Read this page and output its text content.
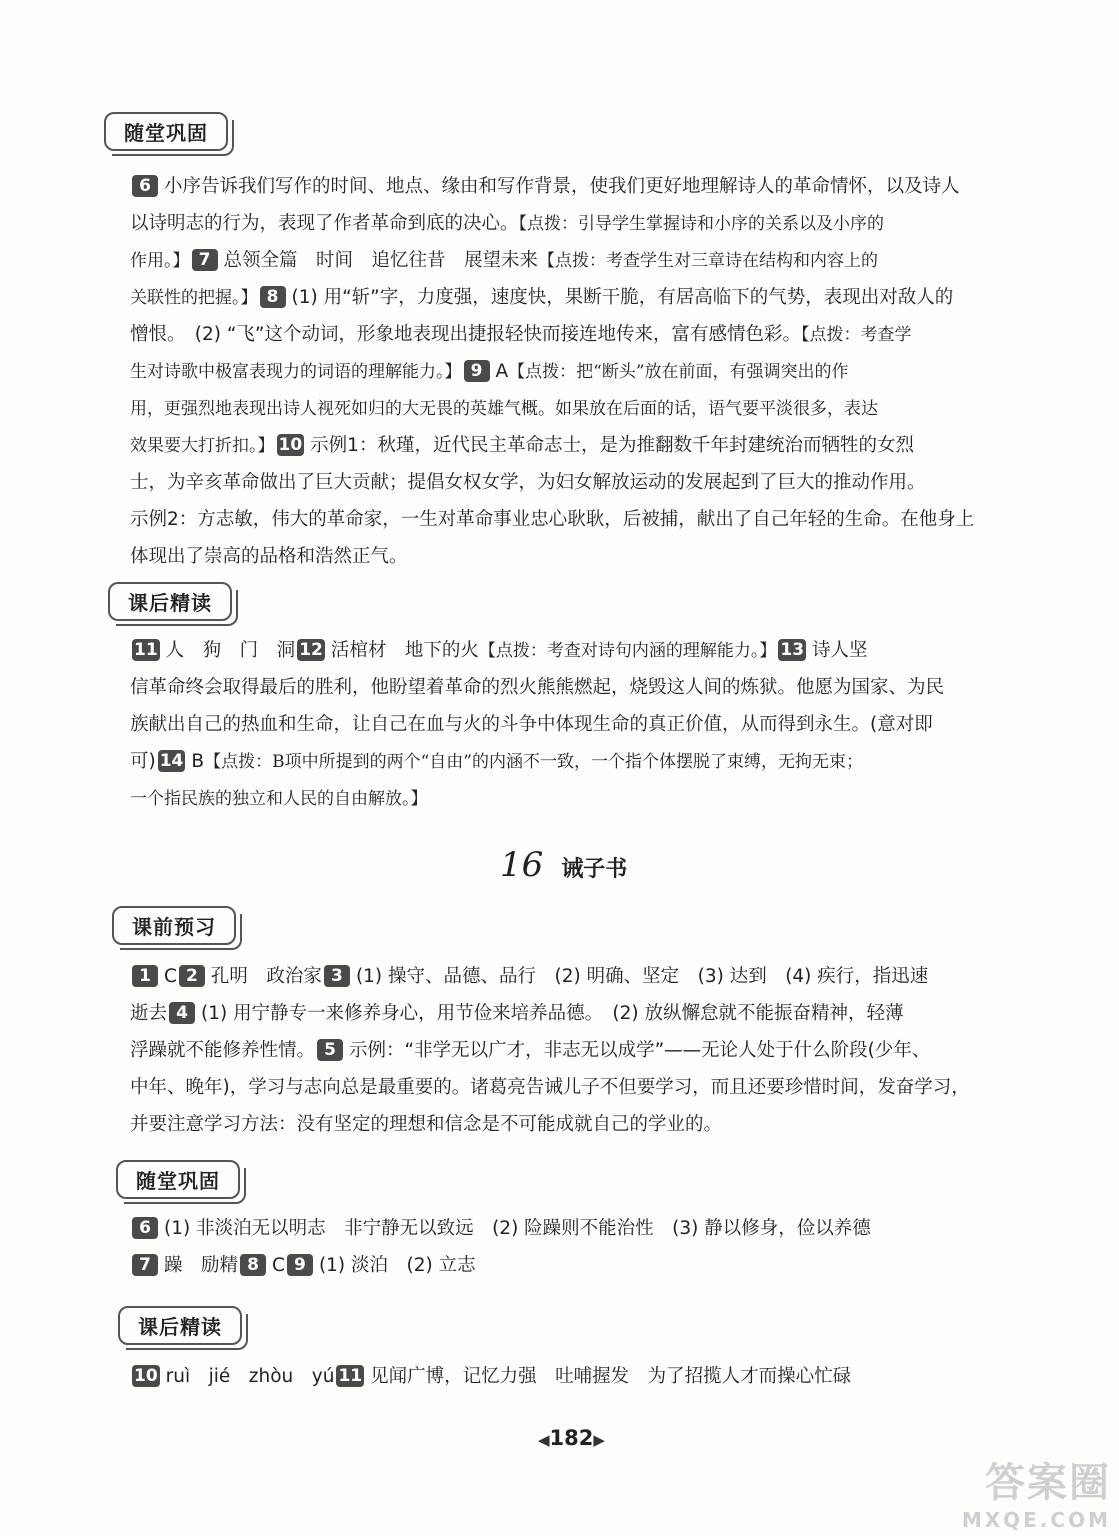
随堂巩固
6 小序告诉我们写作的时间、地点、缘由和写作背景，使我们更好地理解诗人的革命情怀，以及诗人
以诗明志的行为，表现了作者革命到底的决心。【点拨：引导学生掌握诗和小序的关系以及小序的
作用。】 7 总领全篇　时间　追忆往昔　展望未来【点拨：考查学生对三章诗在结构和内容上的
关联性的把握。】 8 (1) 用“斩”字，力度强，速度快，果断干脆，有居高临下的气势，表现出对敌人的
憎恨。　(2) “飞”这个动词，形象地表现出捷报轻快而接连地传来，富有感情色彩。【点拨：考查学
生对诗歌中极富表现力的词语的理解能力。】 9 A【点拨：把“断头”放在前面，有强调突出的作
用，更强烈地表现出诗人视死如归的大无畏的英雄气概。如果放在后面的话，语气要平淡很多，表达
效果要大打折扣。】 10 示例1：秋瑾，近代民主革命志士，是为推翻数千年封建统治而牺牲的女烈
士，为辛亥革命做出了巨大贡献；提倡女权女学，为妇女解放运动的发展起到了巨大的推动作用。
示例2：方志敏，伟大的革命家，一生对革命事业忠心耿耿，后被捕，献出了自己年轻的生命。在他身上
体现出了崇高的品格和浩然正气。
课后精读
11 人　狗　门　洞 12 活棺材　地下的火【点拨：考查对诗句内涵的理解能力。】 13 诗人坚
信革命终会取得最后的胜利，他盼望着革命的烈火熊熊燃起，烧毁这人间的炼狱。他愿为国家、为民
族献出自己的热血和生命，让自己在血与火的斗争中体现生命的真正价值，从而得到永生。(意对即
可) 14 B【点拨：B项中所提到的两个“自由”的内涵不一致，一个指个体摆脱了束缚，无拘无束；
一个指民族的独立和人民的自由解放。】
16 诫子书
课前预习
1 C 2 孔明　政治家 3 (1) 操守、品德、品行　(2) 明确、坚定　(3) 达到　(4) 疾行，指迅速
逝去 4 (1) 用宁静专一来修养身心，用节俭来培养品德。　(2) 放纵懈怠就不能振奋精神，轻薄
浮躁就不能修养性情。 5 示例：“非学无以广才，非志无以成学”——无论人处于什么阶段(少年、
中年、晚年)，学习与志向总是最重要的。诸葛亮告诫儿子不但要学习，而且还要珍惜时间，发奋学习，
并要注意学习方法：没有坚定的理想和信念是不可能成就自己的学业的。
随堂巩固
6 (1) 非淡泊无以明志　非宁静无以致远　(2) 险躁则不能治性　(3) 静以修身，俭以养德
7 躁　励精 8 C 9 (1) 淡泊　(2) 立志
课后精读
10 ruì　jié　zhòu　yú 11 见闻广博，记忆力强　吐哺握发　为了招揽人才而操心忙碌
◀182▶
答案圈
MXQE.COM
